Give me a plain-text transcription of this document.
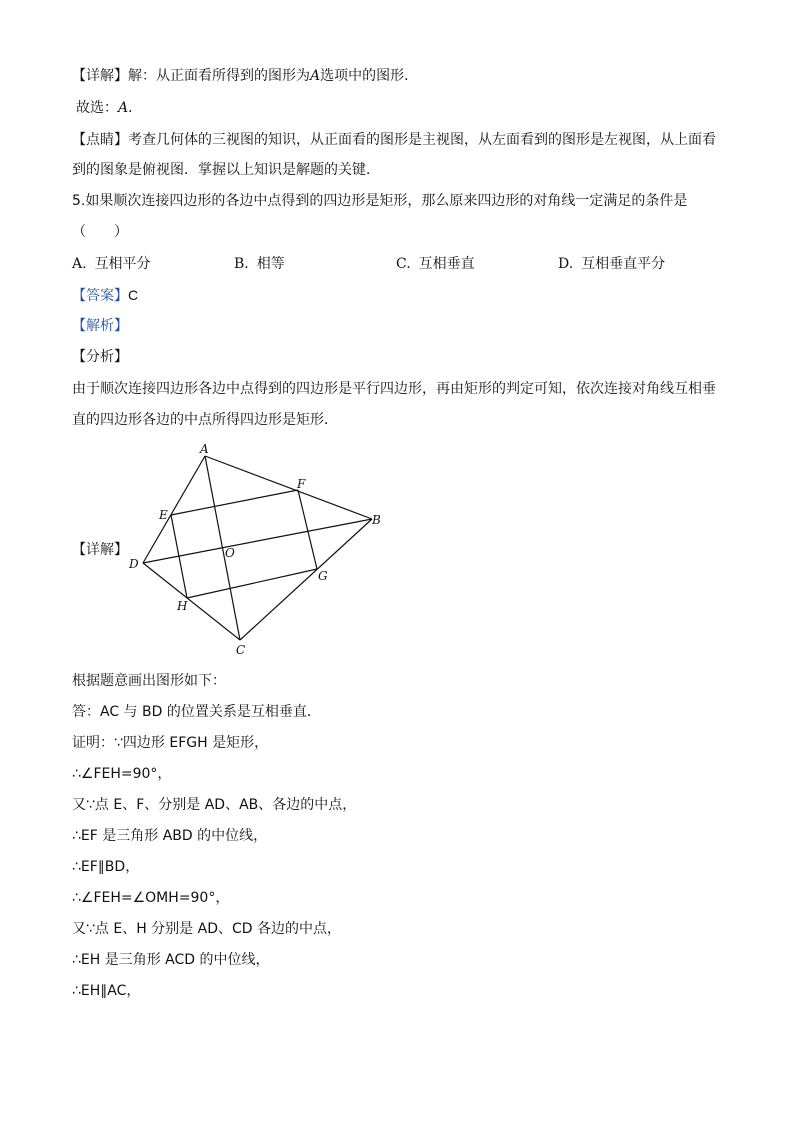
【详解】解：从正面看所得到的图形为A选项中的图形．
故选：A．
【点睛】考查几何体的三视图的知识，从正面看的图形是主视图，从左面看到的图形是左视图，从上面看
到的图象是俯视图．掌握以上知识是解题的关键．
5.如果顺次连接四边形的各边中点得到的四边形是矩形，那么原来四边形的对角线一定满足的条件是
（　　）
A. 互相平分	B. 相等	C. 互相垂直	D. 互相垂直平分
【答案】C
【解析】
【分析】
由于顺次连接四边形各边中点得到的四边形是平行四边形，再由矩形的判定可知，依次连接对角线互相垂
直的四边形各边的中点所得四边形是矩形．
【详解】
A
B
C
D
E
F
G
H
O
根据题意画出图形如下：
答：AC 与 BD 的位置关系是互相垂直．
证明：∵四边形 EFGH 是矩形，
∴∠FEH=90°，
又∵点 E、F、分别是 AD、AB、各边的中点，
∴EF 是三角形 ABD 的中位线，
∴EF∥BD，
∴∠FEH=∠OMH=90°，
又∵点 E、H 分别是 AD、CD 各边的中点，
∴EH 是三角形 ACD 的中位线，
∴EH∥AC，
